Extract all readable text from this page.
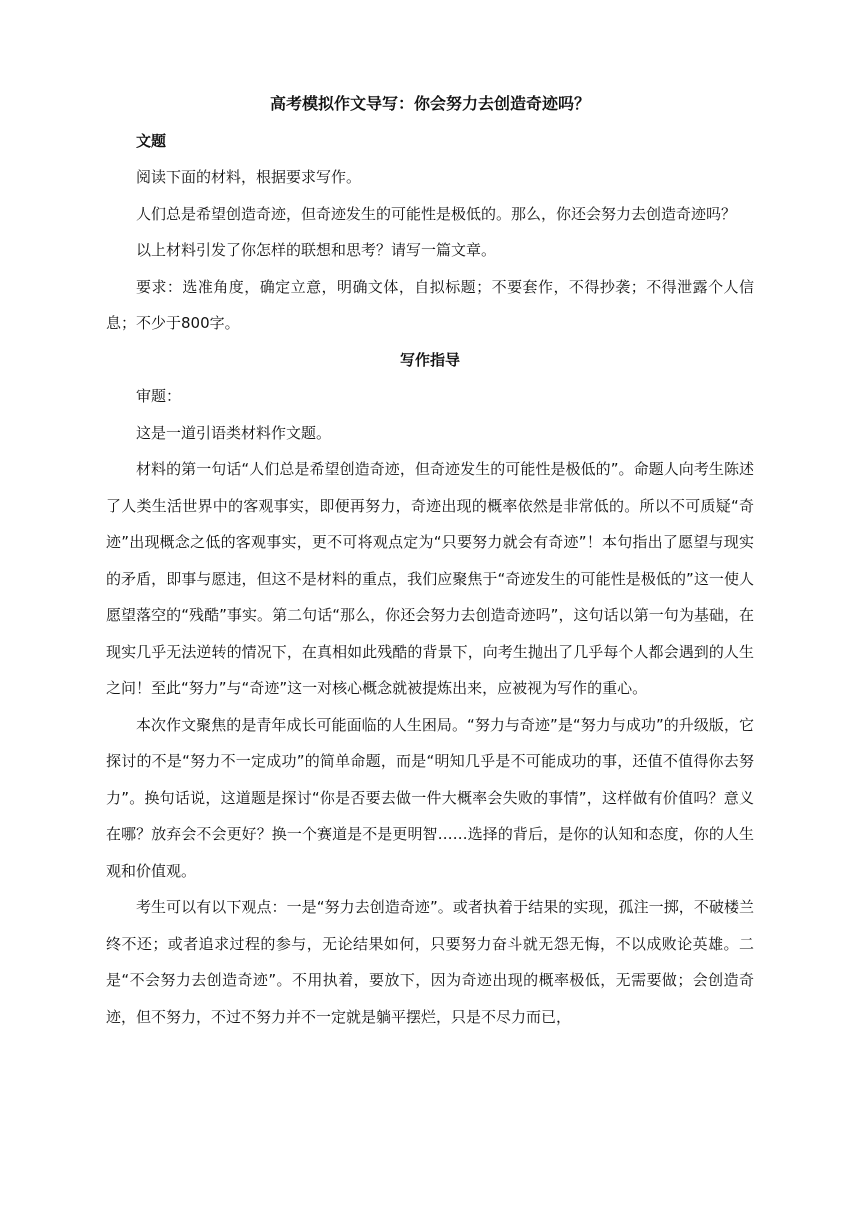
高考模拟作文导写：你会努力去创造奇迹吗？

文题

阅读下面的材料，根据要求写作。

人们总是希望创造奇迹，但奇迹发生的可能性是极低的。那么，你还会努力去创造奇迹吗？

以上材料引发了你怎样的联想和思考？请写一篇文章。

要求：选准角度，确定立意，明确文体，自拟标题；不要套作，不得抄袭；不得泄露个人信息；不少于800字。

写作指导

审题：

这是一道引语类材料作文题。

材料的第一句话“人们总是希望创造奇迹，但奇迹发生的可能性是极低的”。命题人向考生陈述了人类生活世界中的客观事实，即便再努力，奇迹出现的概率依然是非常低的。所以不可质疑“奇迹”出现概念之低的客观事实，更不可将观点定为“只要努力就会有奇迹”！本句指出了愿望与现实的矛盾，即事与愿违，但这不是材料的重点，我们应聚焦于“奇迹发生的可能性是极低的”这一使人愿望落空的“残酷”事实。第二句话“那么，你还会努力去创造奇迹吗”，这句话以第一句为基础，在现实几乎无法逆转的情况下，在真相如此残酷的背景下，向考生抛出了几乎每个人都会遇到的人生之问！至此“努力”与“奇迹”这一对核心概念就被提炼出来，应被视为写作的重心。

本次作文聚焦的是青年成长可能面临的人生困局。“努力与奇迹”是“努力与成功”的升级版，它探讨的不是“努力不一定成功”的简单命题，而是“明知几乎是不可能成功的事，还值不值得你去努力”。换句话说，这道题是探讨“你是否要去做一件大概率会失败的事情”，这样做有价值吗？意义在哪？放弃会不会更好？换一个赛道是不是更明智……选择的背后，是你的认知和态度，你的人生观和价值观。

考生可以有以下观点：一是“努力去创造奇迹”。或者执着于结果的实现，孤注一掷，不破楼兰终不还；或者追求过程的参与，无论结果如何，只要努力奋斗就无怨无悔，不以成败论英雄。二是“不会努力去创造奇迹”。不用执着，要放下，因为奇迹出现的概率极低，无需要做；会创造奇迹，但不努力，不过不努力并不一定就是躺平摆烂，只是不尽力而已，
